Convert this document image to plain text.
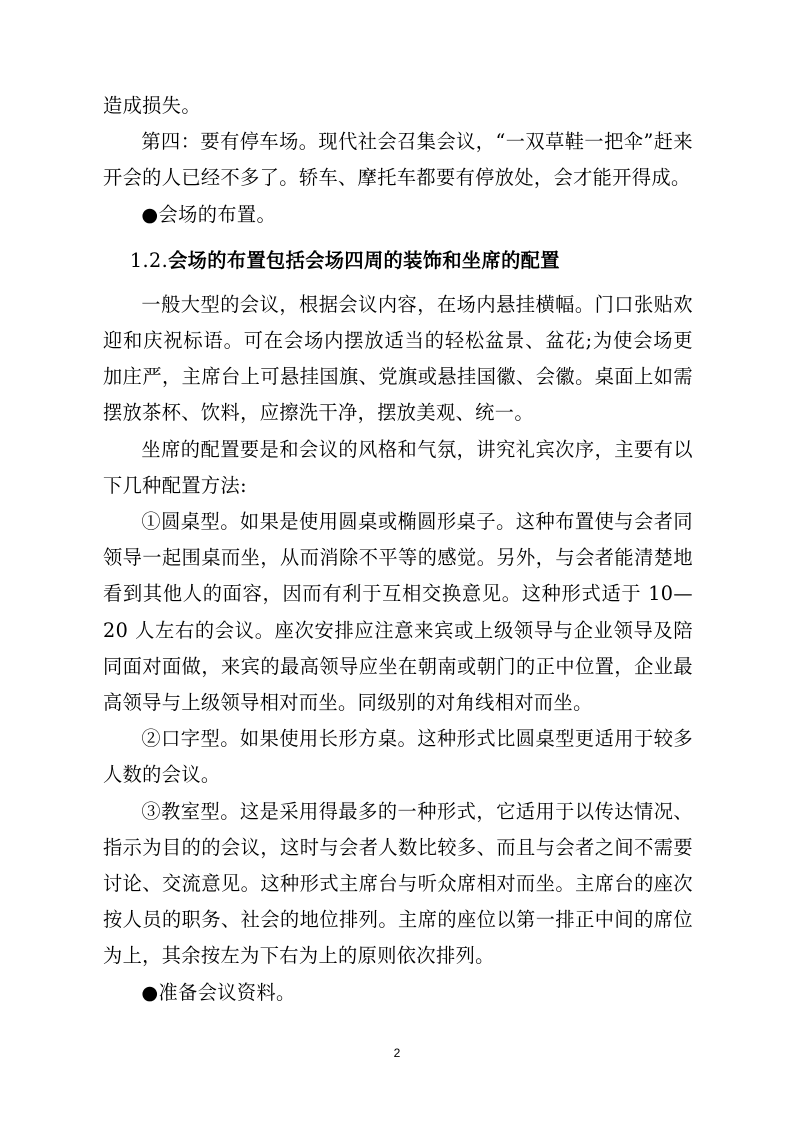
造成损失。

第四：要有停车场。现代社会召集会议，“一双草鞋一把伞”赶来开会的人已经不多了。轿车、摩托车都要有停放处，会才能开得成。

●会场的布置。

1.2.会场的布置包括会场四周的装饰和坐席的配置

一般大型的会议，根据会议内容，在场内悬挂横幅。门口张贴欢迎和庆祝标语。可在会场内摆放适当的轻松盆景、盆花;为使会场更加庄严，主席台上可悬挂国旗、党旗或悬挂国徽、会徽。桌面上如需摆放茶杯、饮料，应擦洗干净，摆放美观、统一。

坐席的配置要是和会议的风格和气氛，讲究礼宾次序，主要有以下几种配置方法:

①圆桌型。如果是使用圆桌或椭圆形桌子。这种布置使与会者同领导一起围桌而坐，从而消除不平等的感觉。另外，与会者能清楚地看到其他人的面容，因而有利于互相交换意见。这种形式适于 10—20 人左右的会议。座次安排应注意来宾或上级领导与企业领导及陪同面对面做，来宾的最高领导应坐在朝南或朝门的正中位置，企业最高领导与上级领导相对而坐。同级别的对角线相对而坐。

②口字型。如果使用长形方桌。这种形式比圆桌型更适用于较多人数的会议。

③教室型。这是采用得最多的一种形式，它适用于以传达情况、指示为目的的会议，这时与会者人数比较多、而且与会者之间不需要讨论、交流意见。这种形式主席台与听众席相对而坐。主席台的座次按人员的职务、社会的地位排列。主席的座位以第一排正中间的席位为上，其余按左为下右为上的原则依次排列。

●准备会议资料。

2
